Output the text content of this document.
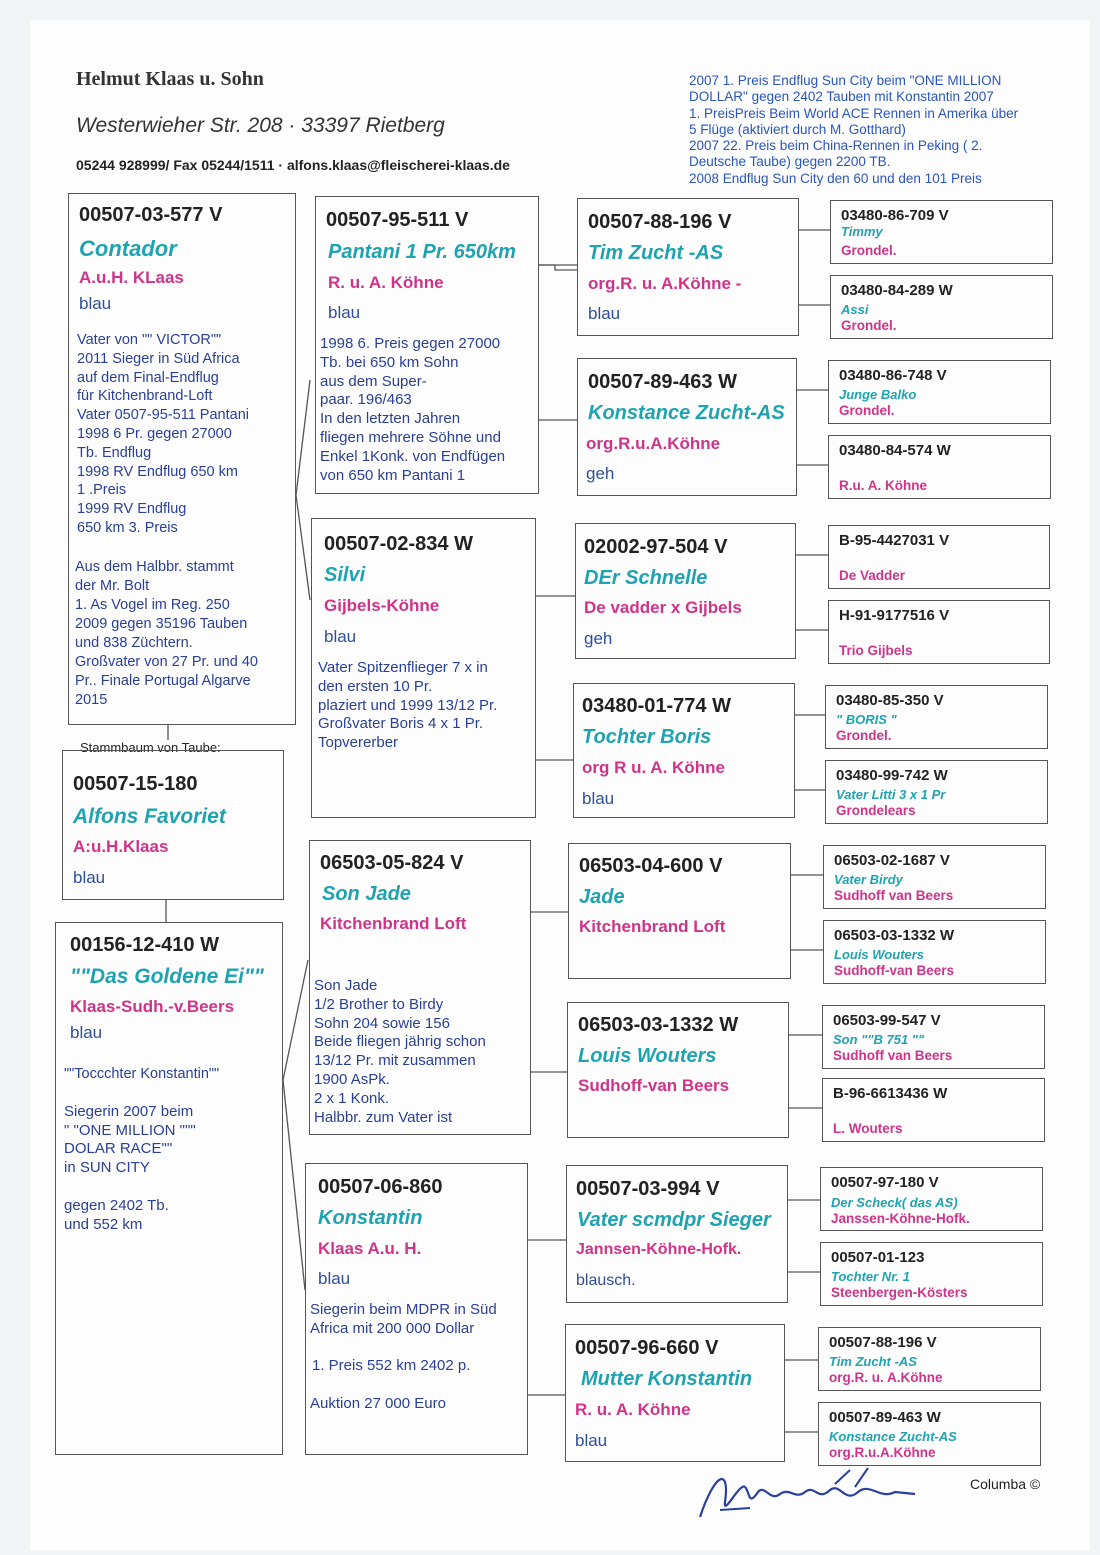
Helmut Klaas u. Sohn
Westerwieher Str. 208 · 33397 Rietberg
05244 928999/ Fax 05244/1511 · alfons.klaas@fleischerei-klaas.de
2007 1. Preis Endflug Sun City beim "ONE MILLION
DOLLAR" gegen 2402 Tauben mit Konstantin 2007
1. PreisPreis Beim World ACE Rennen in Amerika über
5 Flüge (aktiviert durch M. Gotthard)
2007 22. Preis beim China-Rennen in Peking ( 2.
Deutsche Taube) gegen 2200 TB.
2008 Endflug Sun City den 60 und den 101 Preis
00507-03-577 V
Contador
A.u.H. KLaas
blau
Vater von "" VICTOR""
2011 Sieger in Süd Africa
auf dem Final-Endflug
für Kitchenbrand-Loft
Vater 0507-95-511 Pantani
1998 6 Pr. gegen 27000
Tb. Endflug
1998 RV Endflug 650 km
1 .Preis
1999 RV Endflug
650 km 3. Preis
Aus dem Halbbr. stammt
der Mr. Bolt
1. As Vogel im Reg. 250
2009 gegen 35196 Tauben
und 838 Züchtern.
Großvater von 27 Pr. und 40
Pr.. Finale Portugal Algarve
2015
Stammbaum von Taube:
00507-15-180
Alfons Favoriet
A:u.H.Klaas
blau
00156-12-410 W
""Das Goldene Ei""
Klaas-Sudh.-v.Beers
blau
""Toccchter Konstantin""
Siegerin 2007 beim
" "ONE MILLION """
DOLAR RACE""
in SUN CITY
gegen 2402 Tb.
und 552 km
00507-95-511 V
Pantani 1 Pr. 650km
R. u. A. Köhne
blau
1998 6. Preis gegen 27000
Tb. bei 650 km Sohn
aus dem Super-
paar. 196/463
In den letzten Jahren
fliegen mehrere Söhne und
Enkel 1Konk. von Endfügen
von 650 km Pantani 1
00507-02-834 W
Silvi
Gijbels-Köhne
blau
Vater Spitzenflieger 7 x in
den ersten 10 Pr.
plaziert und 1999 13/12 Pr.
Großvater Boris 4 x 1 Pr.
Topvererber
06503-05-824 V
Son Jade
Kitchenbrand Loft
Son Jade
1/2 Brother to Birdy
Sohn 204 sowie 156
Beide fliegen jährig schon
13/12 Pr. mit zusammen
1900 AsPk.
2 x 1 Konk.
Halbbr. zum Vater ist
00507-06-860
Konstantin
Klaas A.u. H.
blau
Siegerin beim MDPR in Süd
Africa mit 200 000 Dollar
1. Preis 552 km 2402 p.
Auktion 27 000 Euro
00507-88-196 V
Tim Zucht -AS
org.R. u. A.Köhne -
blau
00507-89-463 W
Konstance Zucht-AS
org.R.u.A.Köhne
geh
02002-97-504 V
DEr Schnelle
De vadder x Gijbels
geh
03480-01-774 W
Tochter Boris
org R u. A. Köhne
blau
06503-04-600 V
Jade
Kitchenbrand Loft
06503-03-1332 W
Louis Wouters
Sudhoff-van Beers
00507-03-994 V
Vater scmdpr Sieger
Jannsen-Köhne-Hofk.
blausch.
00507-96-660 V
Mutter Konstantin
R. u. A. Köhne
blau
03480-86-709 V
Timmy
Grondel.
03480-84-289 W
Assi
Grondel.
03480-86-748 V
Junge Balko
Grondel.
03480-84-574 W
R.u. A. Köhne
B-95-4427031 V
De Vadder
H-91-9177516 V
Trio Gijbels
03480-85-350 V
" BORIS "
Grondel.
03480-99-742 W
Vater Litti 3 x 1 Pr
Grondelears
06503-02-1687 V
Vater Birdy
Sudhoff van Beers
06503-03-1332 W
Louis Wouters
Sudhoff-van Beers
06503-99-547 V
Son ""B 751 ""
Sudhoff van Beers
B-96-6613436 W
L. Wouters
00507-97-180 V
Der Scheck( das AS)
Janssen-Köhne-Hofk.
00507-01-123
Tochter Nr. 1
Steenbergen-Kösters
00507-88-196 V
Tim Zucht -AS
org.R. u. A.Köhne
00507-89-463 W
Konstance Zucht-AS
org.R.u.A.Köhne
Columba ©
